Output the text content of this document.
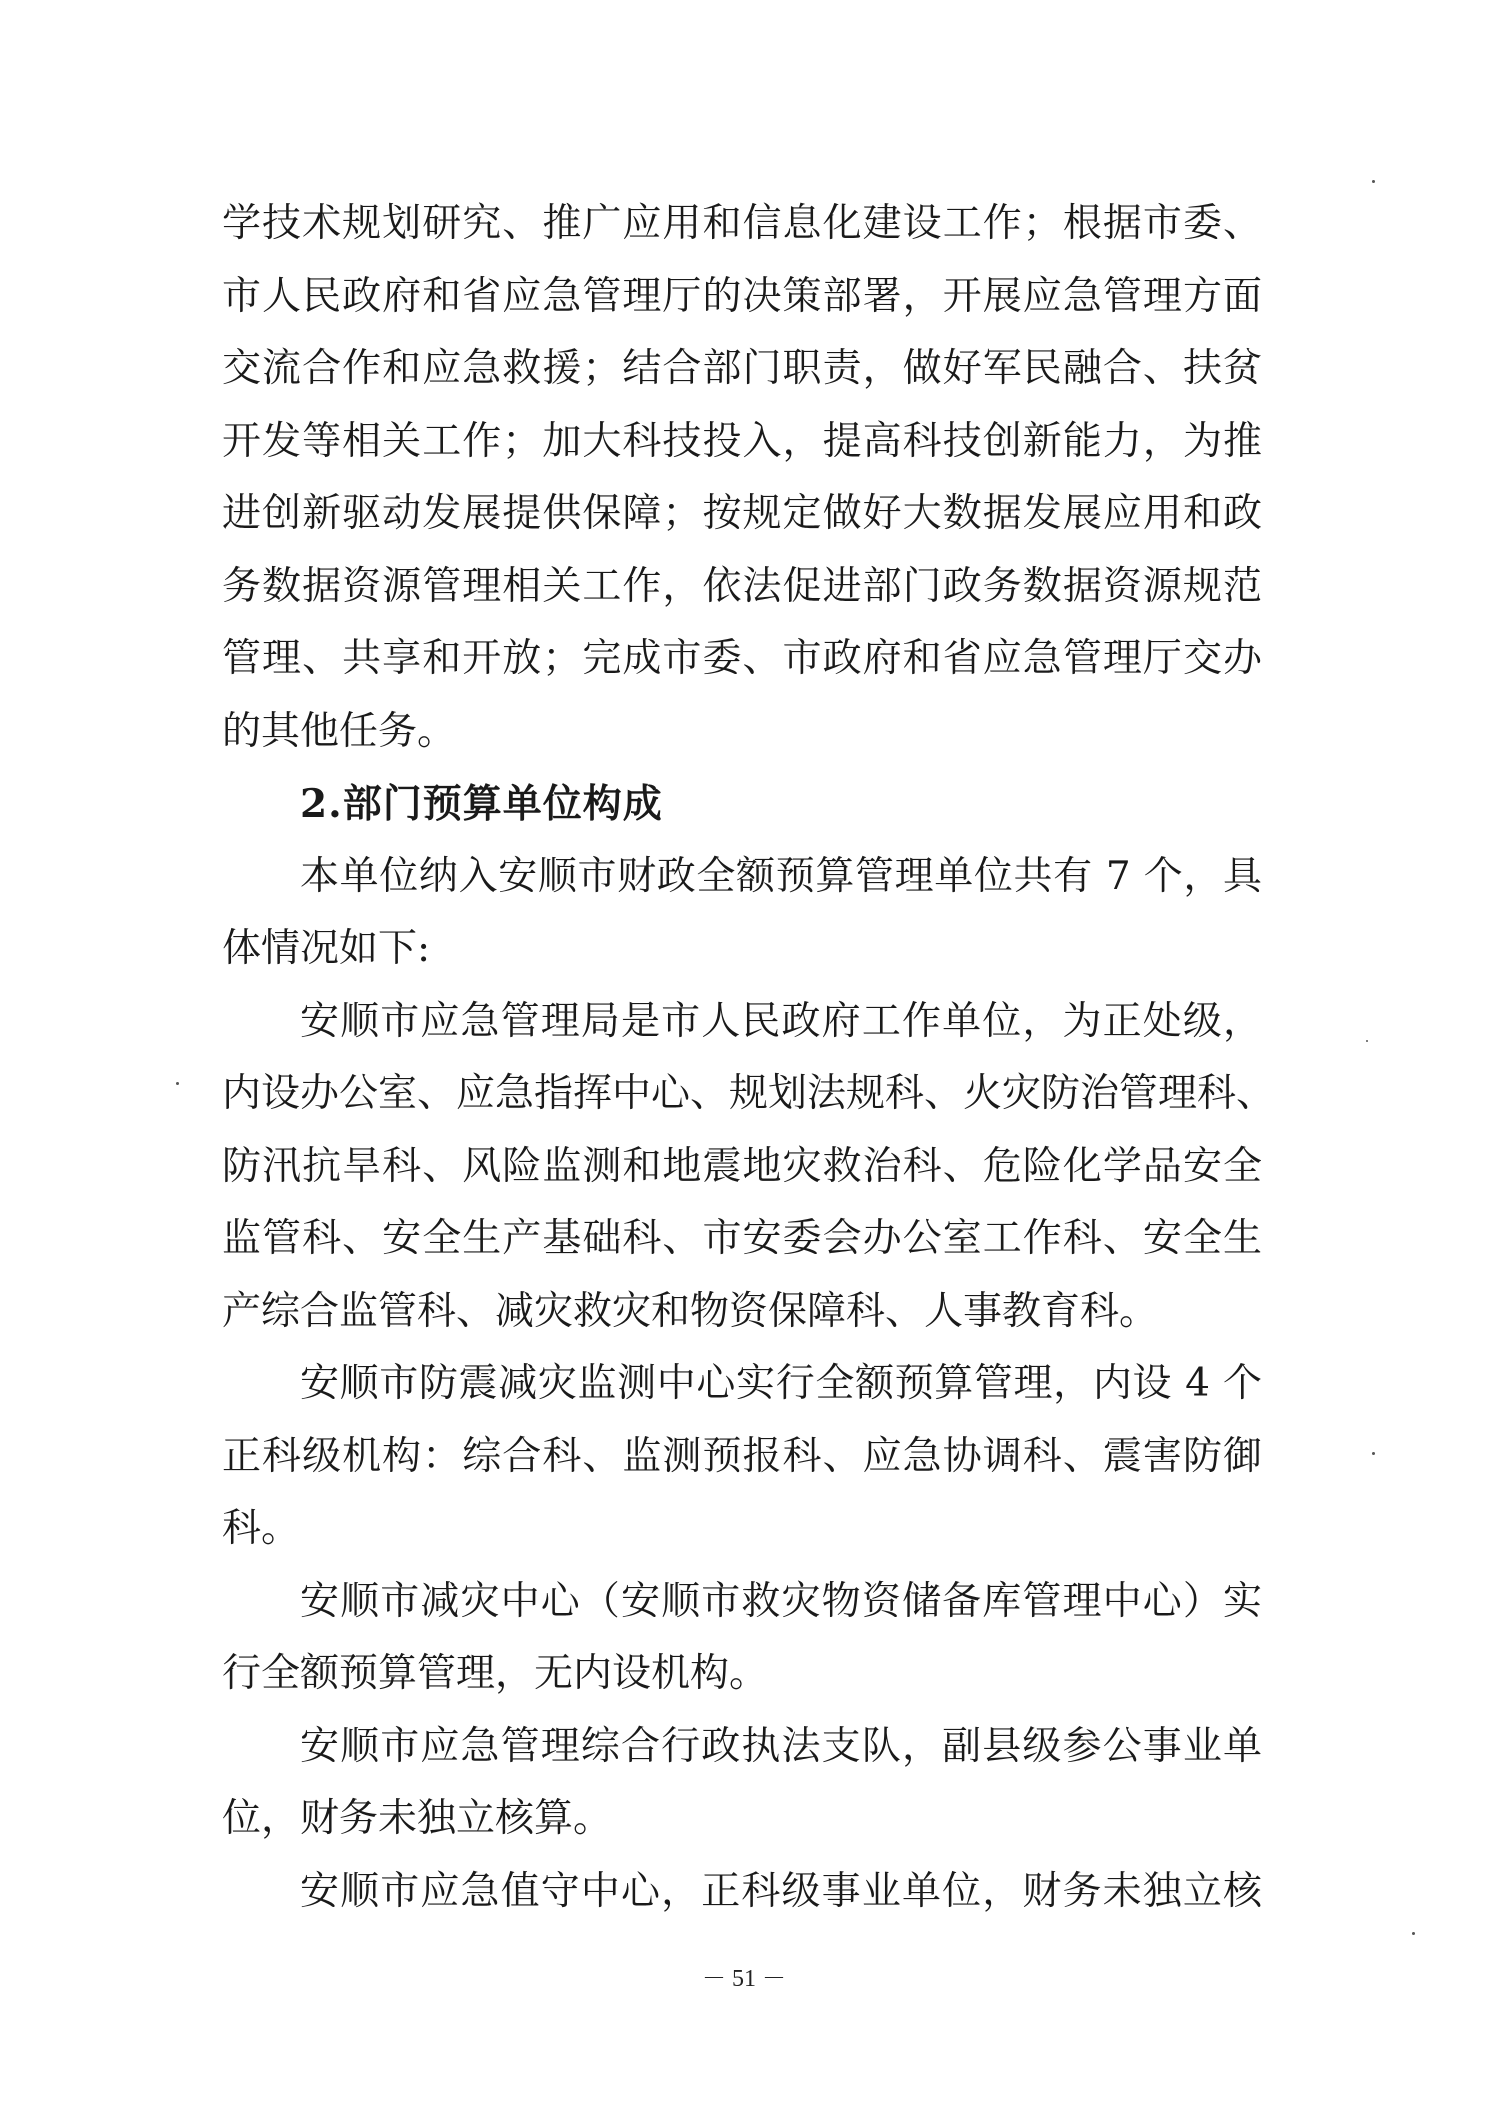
学技术规划研究、推广应用和信息化建设工作；根据市委、
市人民政府和省应急管理厅的决策部署，开展应急管理方面
交流合作和应急救援；结合部门职责，做好军民融合、扶贫
开发等相关工作；加大科技投入，提高科技创新能力，为推
进创新驱动发展提供保障；按规定做好大数据发展应用和政
务数据资源管理相关工作，依法促进部门政务数据资源规范
管理、共享和开放；完成市委、市政府和省应急管理厅交办
的其他任务。
2.部门预算单位构成
本单位纳入安顺市财政全额预算管理单位共有 7 个，具
体情况如下:
安顺市应急管理局是市人民政府工作单位，为正处级，
内设办公室、应急指挥中心、规划法规科、火灾防治管理科、
防汛抗旱科、风险监测和地震地灾救治科、危险化学品安全
监管科、安全生产基础科、市安委会办公室工作科、安全生
产综合监管科、减灾救灾和物资保障科、人事教育科。
安顺市防震减灾监测中心实行全额预算管理，内设 4 个
正科级机构：综合科、监测预报科、应急协调科、震害防御
科。
安顺市减灾中心（安顺市救灾物资储备库管理中心）实
行全额预算管理，无内设机构。
安顺市应急管理综合行政执法支队，副县级参公事业单
位，财务未独立核算。
安顺市应急值守中心，正科级事业单位，财务未独立核
－ 51 －
